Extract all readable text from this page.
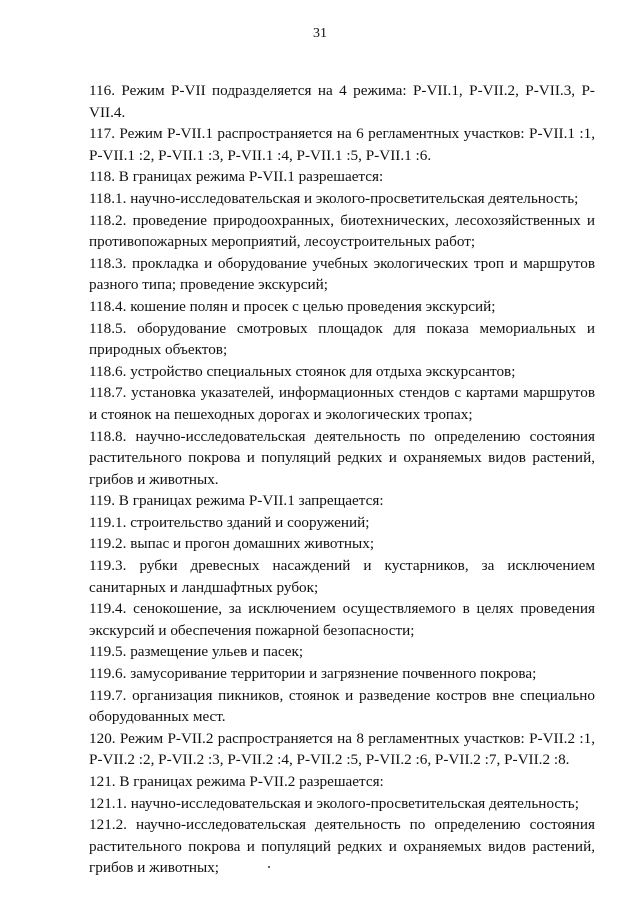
31

116. Режим Р-VII подразделяется на 4 режима: Р-VII.1, Р-VII.2, Р-VII.3, Р-VII.4.

117. Режим Р-VII.1 распространяется на 6 регламентных участков: Р-VII.1 :1, Р-VII.1 :2, Р-VII.1 :3, Р-VII.1 :4, Р-VII.1 :5, Р-VII.1 :6.

118. В границах режима Р-VII.1 разрешается:

118.1. научно-исследовательская и эколого-просветительская деятельность;

118.2. проведение природоохранных, биотехнических, лесохозяйственных и противопожарных мероприятий, лесоустроительных работ;

118.3. прокладка и оборудование учебных экологических троп и маршрутов разного типа; проведение экскурсий;

118.4. кошение полян и просек с целью проведения экскурсий;

118.5. оборудование смотровых площадок для показа мемориальных и природных объектов;

118.6. устройство специальных стоянок для отдыха экскурсантов;

118.7. установка указателей, информационных стендов с картами маршрутов и стоянок на пешеходных дорогах и экологических тропах;

118.8. научно-исследовательская деятельность по определению состояния растительного покрова и популяций редких и охраняемых видов растений, грибов и животных.

119. В границах режима Р-VII.1 запрещается:

119.1. строительство зданий и сооружений;

119.2. выпас и прогон домашних животных;

119.3. рубки древесных насаждений и кустарников, за исключением санитарных и ландшафтных рубок;

119.4. сенокошение, за исключением осуществляемого в целях проведения экскурсий и обеспечения пожарной безопасности;

119.5. размещение ульев и пасек;

119.6. замусоривание территории и загрязнение почвенного покрова;

119.7. организация пикников, стоянок и разведение костров вне специально оборудованных мест.

120. Режим Р-VII.2 распространяется на 8 регламентных участков: Р-VII.2 :1, Р-VII.2 :2, Р-VII.2 :3, Р-VII.2 :4, Р-VII.2 :5, Р-VII.2 :6, Р-VII.2 :7, Р-VII.2 :8.

121. В границах режима Р-VII.2 разрешается:

121.1. научно-исследовательская и эколого-просветительская деятельность;

121.2. научно-исследовательская деятельность по определению состояния растительного покрова и популяций редких и охраняемых видов растений, грибов и животных;
